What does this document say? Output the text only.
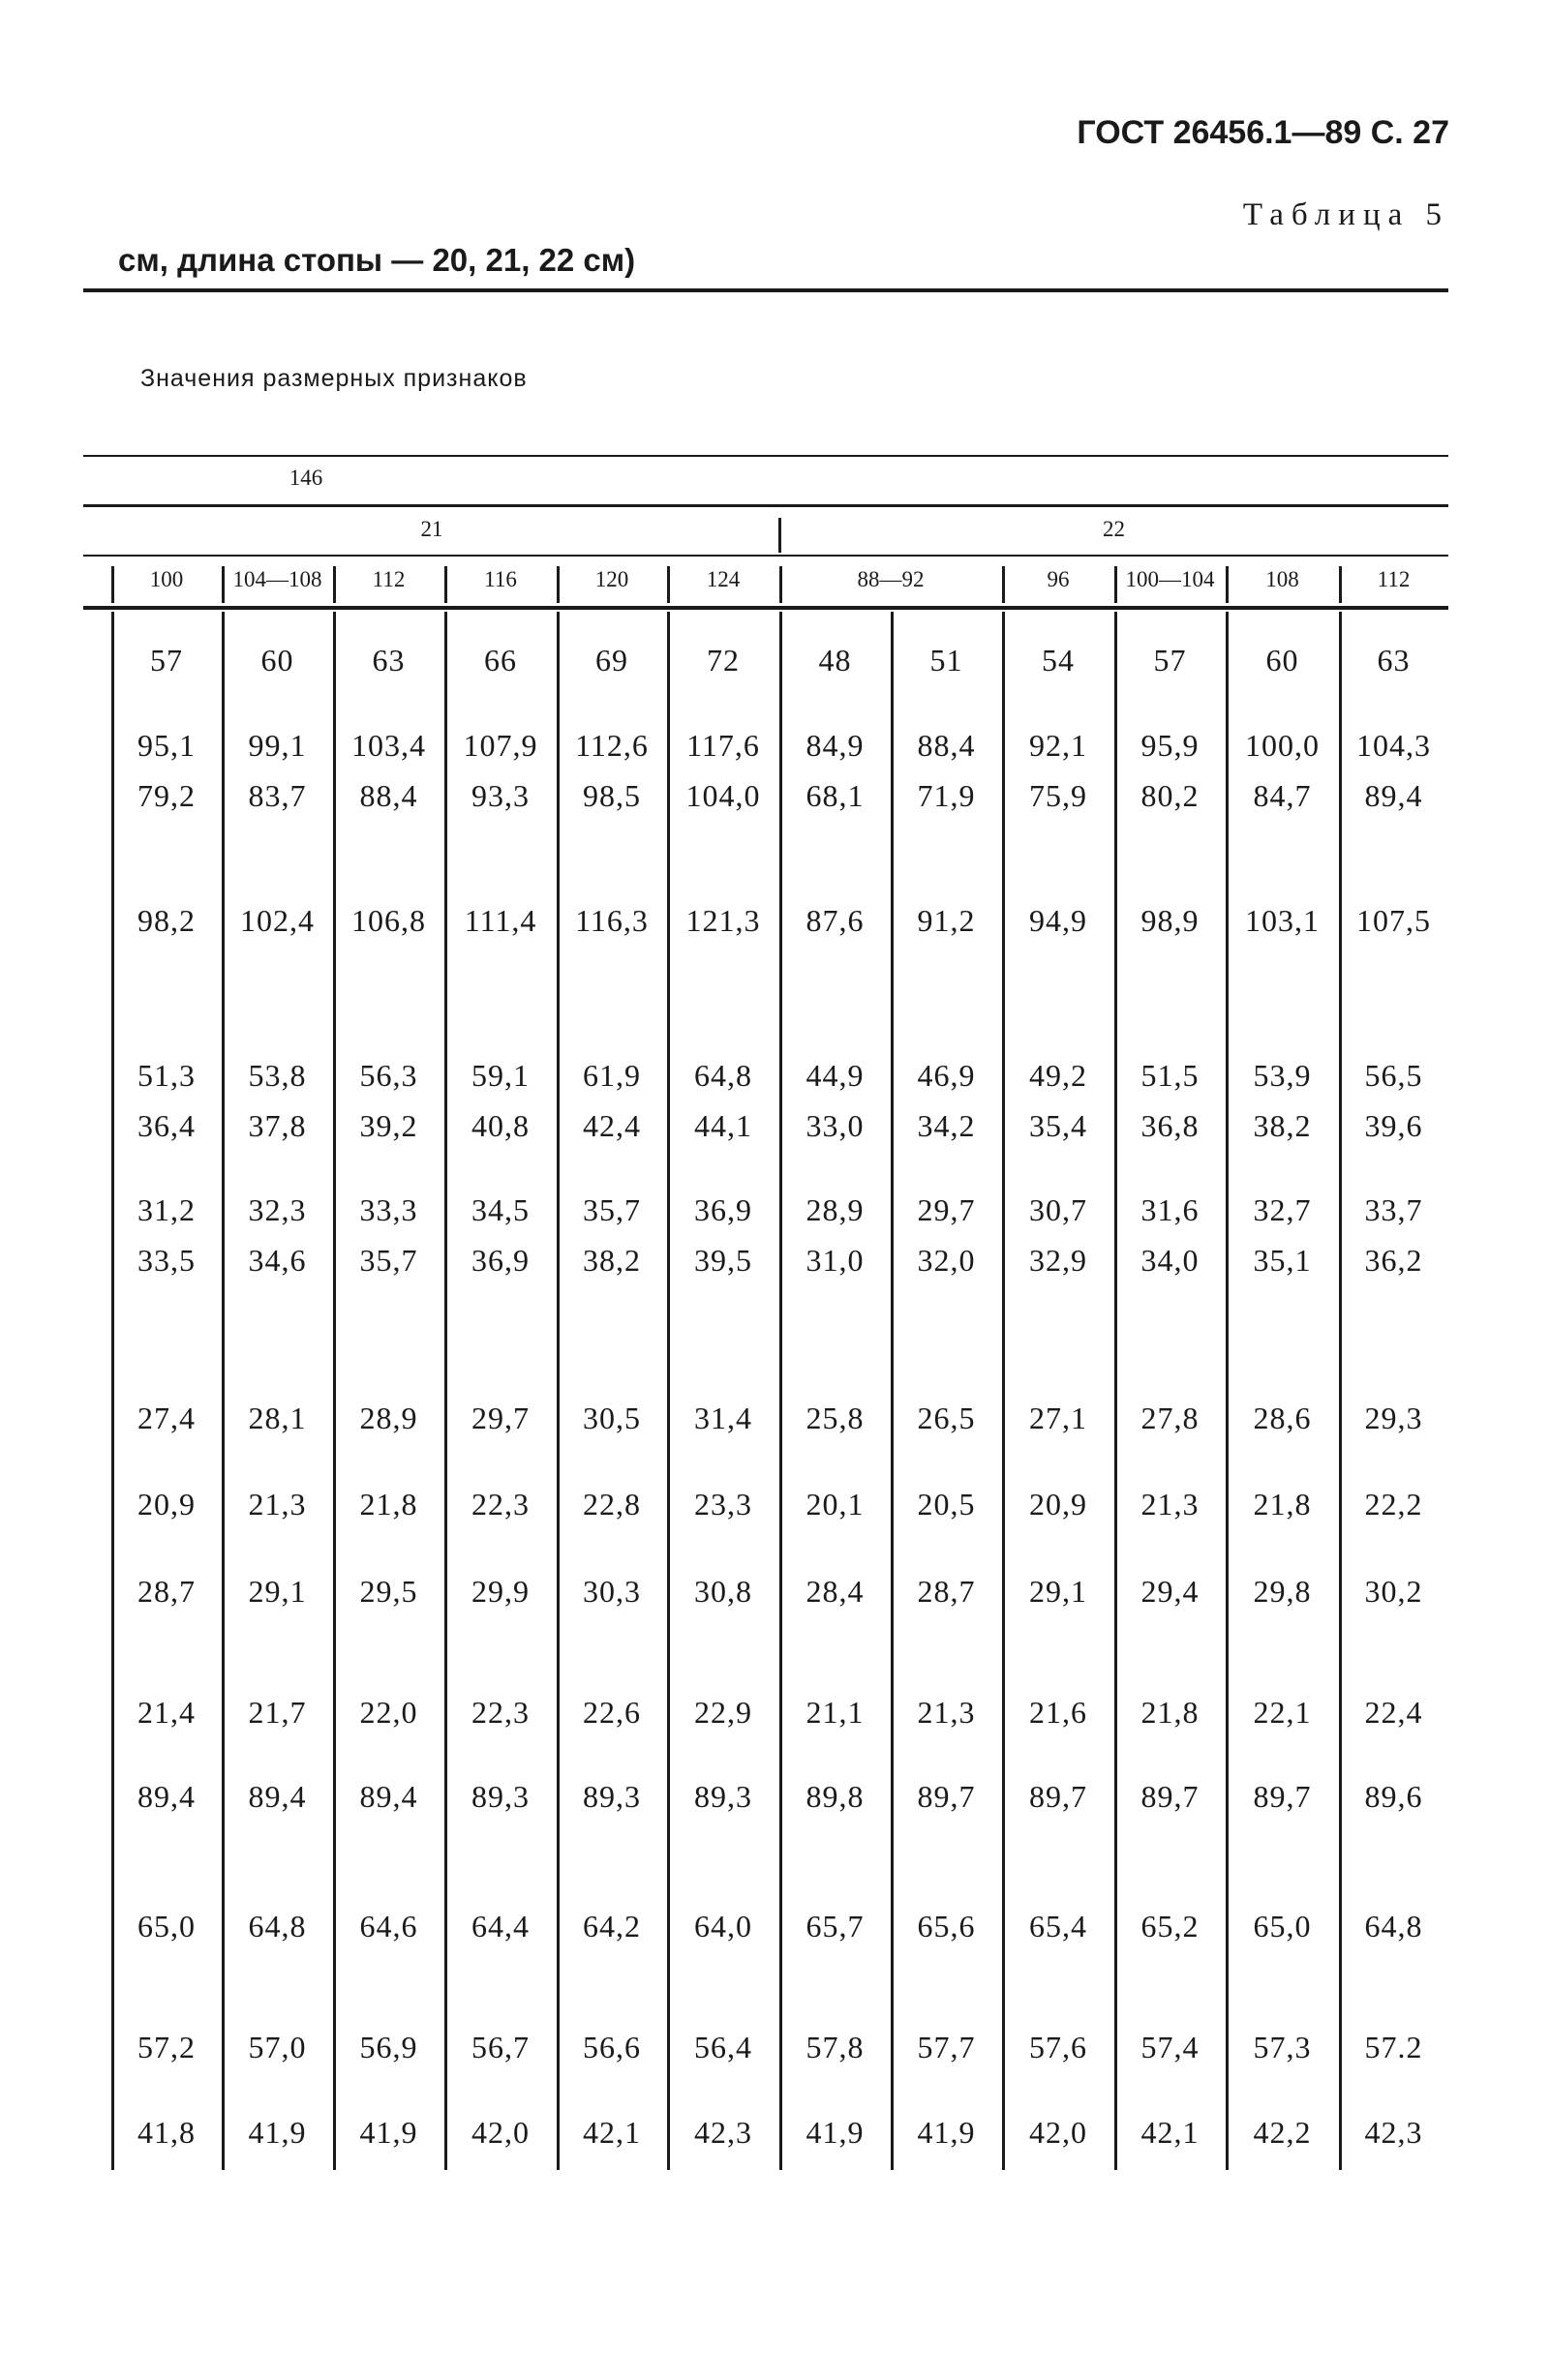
ГОСТ 26456.1—89 С. 27
Таблица 5
см, длина стопы — 20, 21, 22 см)
Значения размерных признаков
146
21	22
100	104—108	112	116	120	124	88—92	96	100—104	108	112
57	60	63	66	69	72	48	51	54	57	60	63
95,1	99,1	103,4	107,9	112,6	117,6	84,9	88,4	92,1	95,9	100,0	104,3
79,2	83,7	88,4	93,3	98,5	104,0	68,1	71,9	75,9	80,2	84,7	89,4
98,2	102,4	106,8	111,4	116,3	121,3	87,6	91,2	94,9	98,9	103,1	107,5
51,3	53,8	56,3	59,1	61,9	64,8	44,9	46,9	49,2	51,5	53,9	56,5
36,4	37,8	39,2	40,8	42,4	44,1	33,0	34,2	35,4	36,8	38,2	39,6
31,2	32,3	33,3	34,5	35,7	36,9	28,9	29,7	30,7	31,6	32,7	33,7
33,5	34,6	35,7	36,9	38,2	39,5	31,0	32,0	32,9	34,0	35,1	36,2
27,4	28,1	28,9	29,7	30,5	31,4	25,8	26,5	27,1	27,8	28,6	29,3
20,9	21,3	21,8	22,3	22,8	23,3	20,1	20,5	20,9	21,3	21,8	22,2
28,7	29,1	29,5	29,9	30,3	30,8	28,4	28,7	29,1	29,4	29,8	30,2
21,4	21,7	22,0	22,3	22,6	22,9	21,1	21,3	21,6	21,8	22,1	22,4
89,4	89,4	89,4	89,3	89,3	89,3	89,8	89,7	89,7	89,7	89,7	89,6
65,0	64,8	64,6	64,4	64,2	64,0	65,7	65,6	65,4	65,2	65,0	64,8
57,2	57,0	56,9	56,7	56,6	56,4	57,8	57,7	57,6	57,4	57,3	57.2
41,8	41,9	41,9	42,0	42,1	42,3	41,9	41,9	42,0	42,1	42,2	42,3
